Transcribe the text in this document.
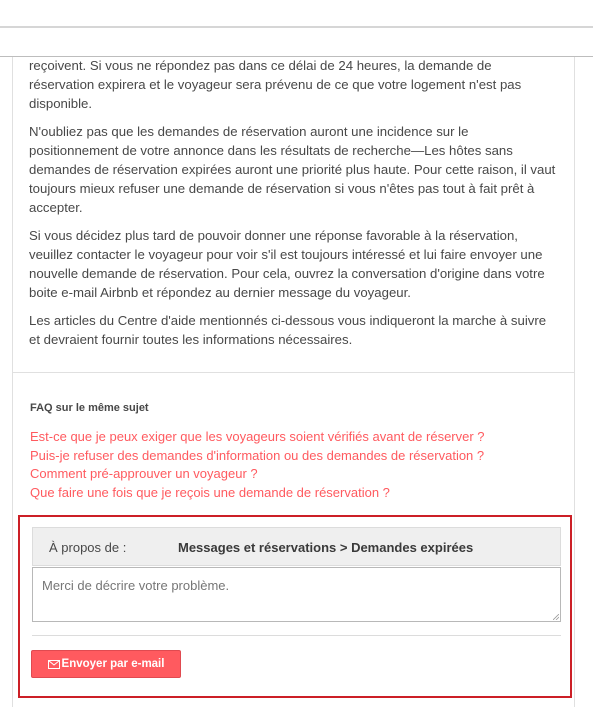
reçoivent. Si vous ne répondez pas dans ce délai de 24 heures, la demande de réservation expirera et le voyageur sera prévenu de ce que votre logement n'est pas disponible.

N'oubliez pas que les demandes de réservation auront une incidence sur le positionnement de votre annonce dans les résultats de recherche—Les hôtes sans demandes de réservation expirées auront une priorité plus haute. Pour cette raison, il vaut toujours mieux refuser une demande de réservation si vous n'êtes pas tout à fait prêt à accepter.

Si vous décidez plus tard de pouvoir donner une réponse favorable à la réservation, veuillez contacter le voyageur pour voir s'il est toujours intéressé et lui faire envoyer une nouvelle demande de réservation. Pour cela, ouvrez la conversation d'origine dans votre boite e-mail Airbnb et répondez au dernier message du voyageur.

Les articles du Centre d'aide mentionnés ci-dessous vous indiqueront la marche à suivre et devraient fournir toutes les informations nécessaires.

FAQ sur le même sujet
Est-ce que je peux exiger que les voyageurs soient vérifiés avant de réserver ?
Puis-je refuser des demandes d'information ou des demandes de réservation ?
Comment pré-approuver un voyageur ?
Que faire une fois que je reçois une demande de réservation ?
À propos de :	Messages et réservations > Demandes expirées
Merci de décrire votre problème.
Envoyer par e-mail
